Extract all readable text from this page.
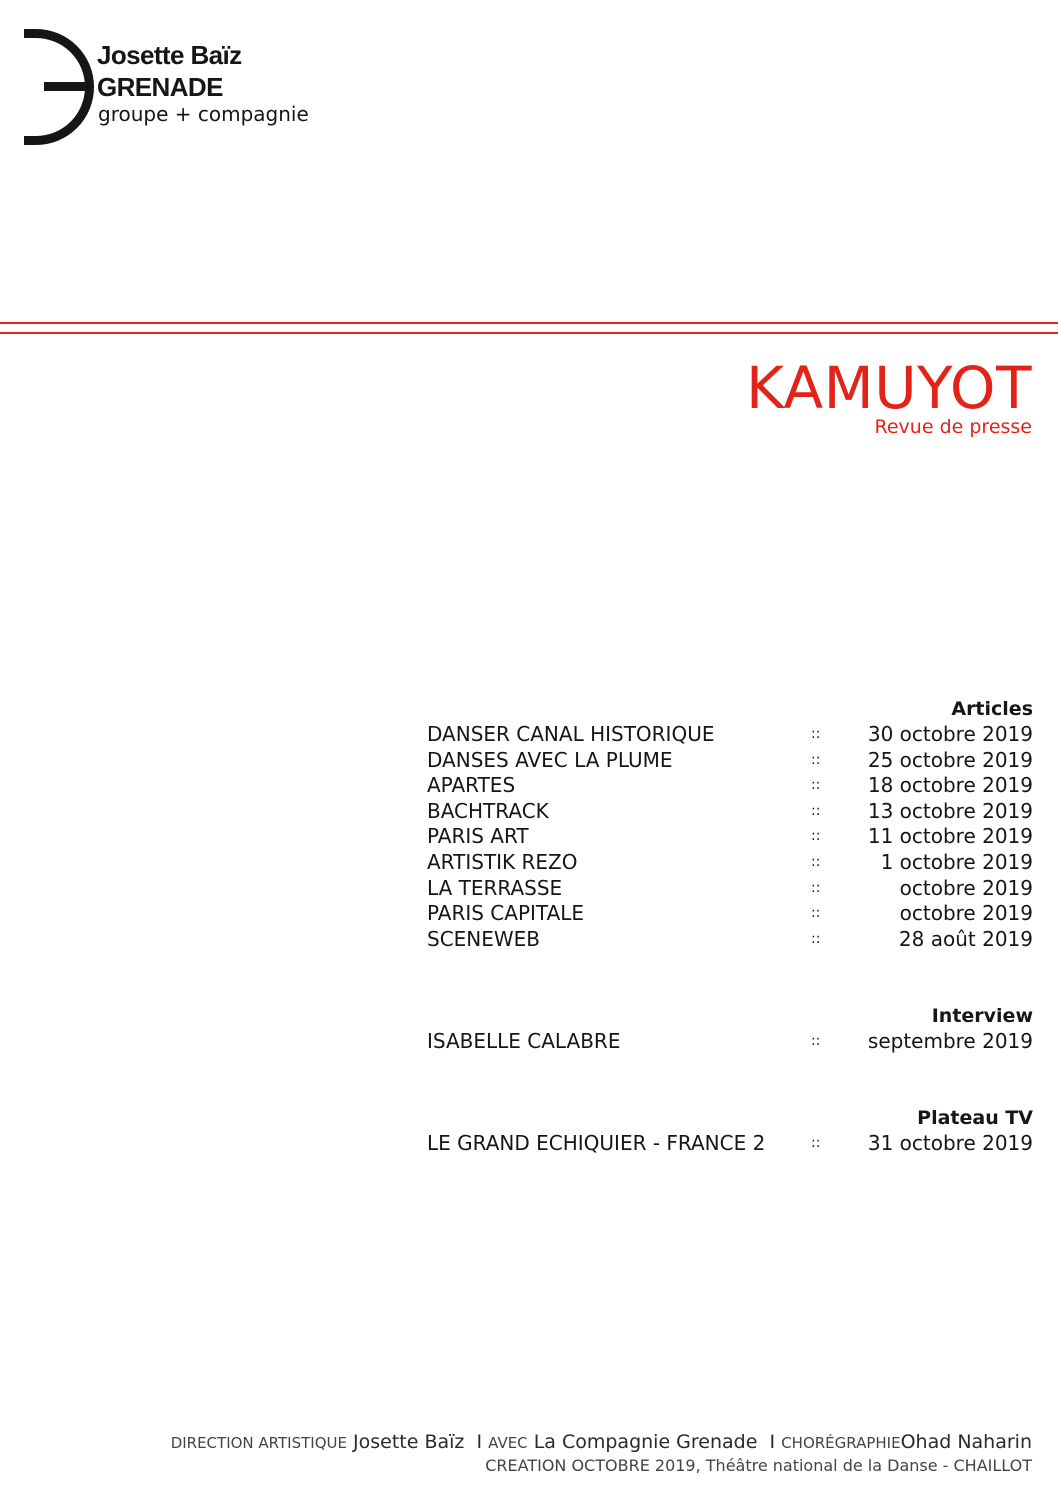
Josette Baïz
GRENADE
groupe + compagnie
KAMUYOT
Revue de presse
Articles
DANSER CANAL HISTORIQUE	:: 30 octobre 2019
DANSES AVEC LA PLUME	:: 25 octobre 2019
APARTES	:: 18 octobre 2019
BACHTRACK	:: 13 octobre 2019
PARIS ART	:: 11 octobre 2019
ARTISTIK REZO	::	1 octobre 2019
LA TERRASSE	::	octobre 2019
PARIS CAPITALE	::	octobre 2019
SCENEWEB	::	28 août 2019
Interview
ISABELLE CALABRE	:: septembre 2019
Plateau TV
LE GRAND ECHIQUIER - FRANCE 2	:: 31 octobre 2019
DIRECTION ARTISTIQUE Josette Baïz I AVEC La Compagnie Grenade I CHORÉGRAPHIEOhad Naharin
CREATION OCTOBRE 2019, Théâtre national de la Danse - CHAILLOT
